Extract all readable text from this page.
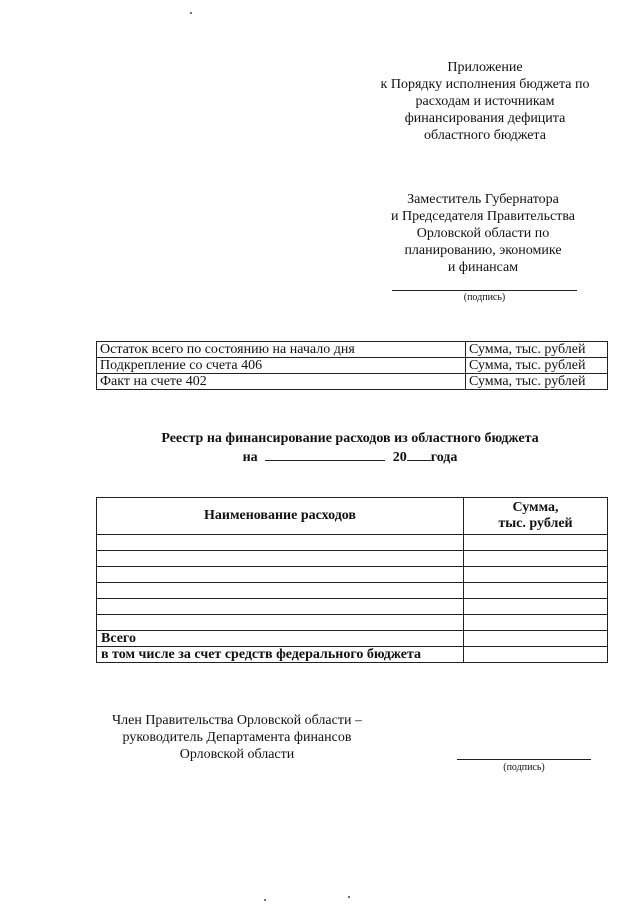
Приложение
к Порядку исполнения бюджета по
расходам и источникам
финансирования дефицита
областного бюджета
Заместитель Губернатора
и Председателя Правительства
Орловской области по
планированию, экономике
и финансам
(подпись)
Остаток всего по состоянию на начало дня	Сумма, тыс. рублей
Подкрепление со счета 406	Сумма, тыс. рублей
Факт на счете 402	Сумма, тыс. рублей
Реестр на финансирование расходов из областного бюджета
на	20 года
Наименование расходов	Сумма,
тыс. рублей

Всего	
в том числе за счет средств федерального бюджета	
Член Правительства Орловской области –
руководитель Департамента финансов
Орловской области
(подпись)
